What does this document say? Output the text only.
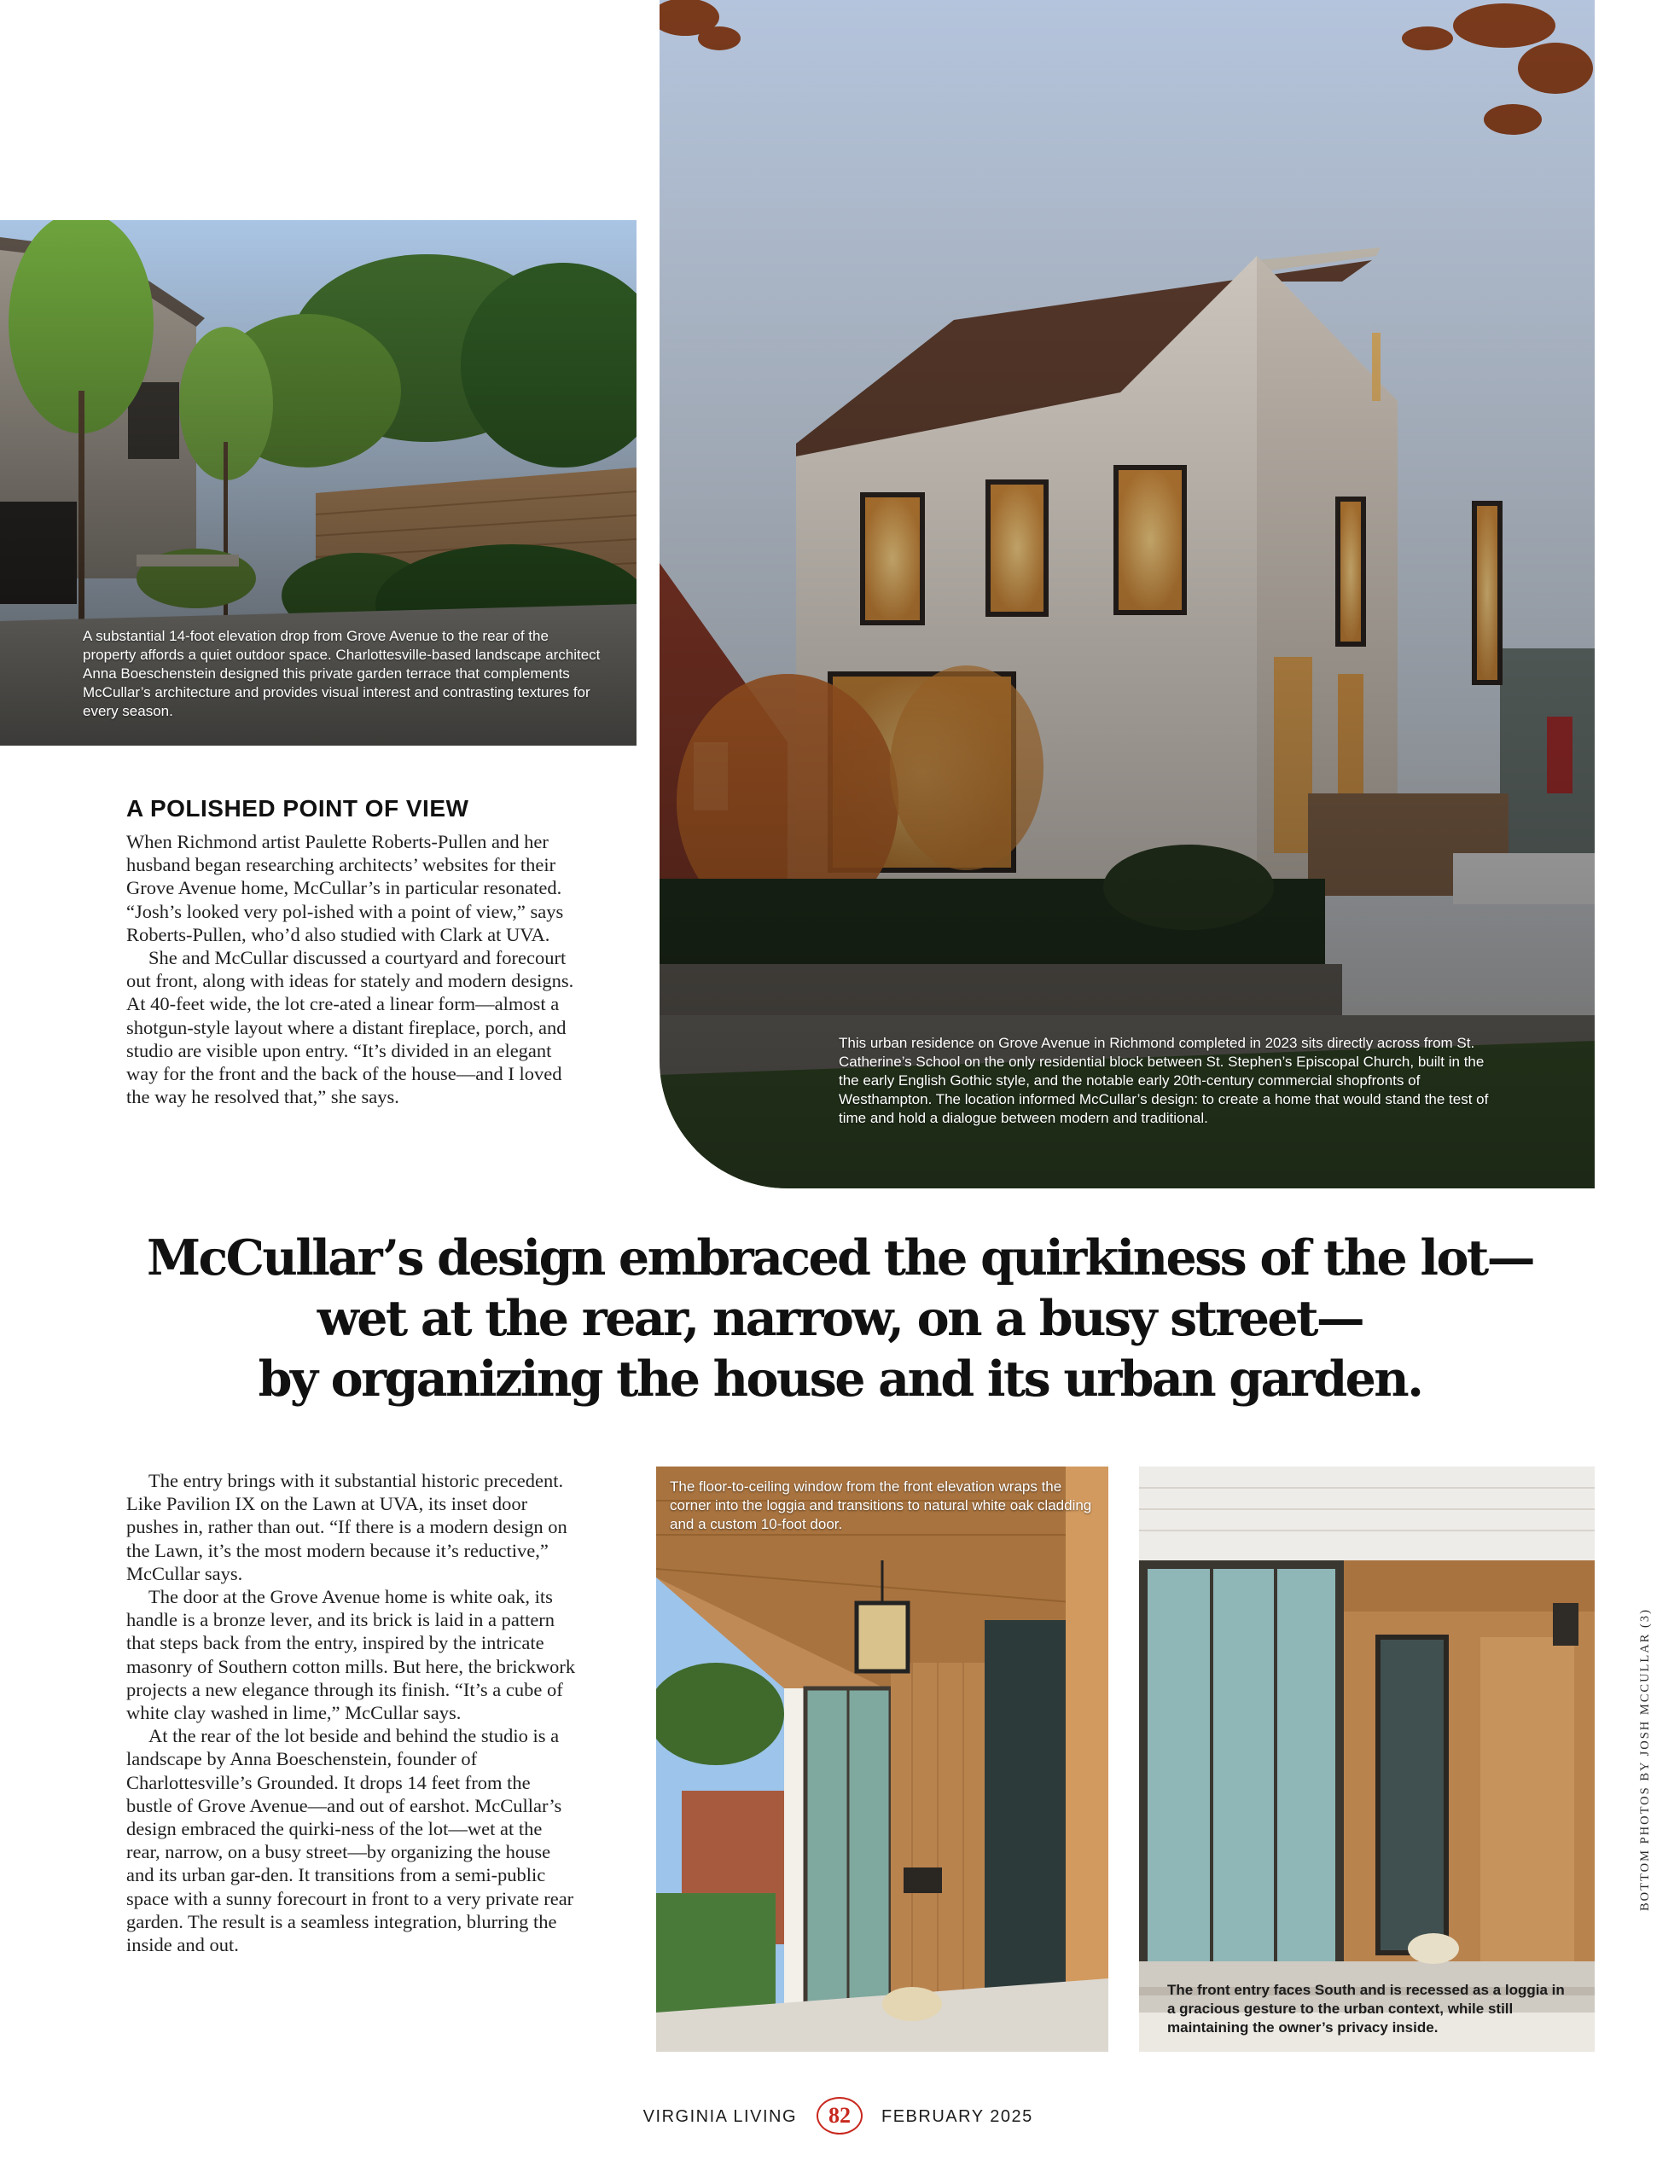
A substantial 14-foot elevation drop from Grove Avenue to the rear of the property affords a quiet outdoor space. Charlottesville-based landscape architect Anna Boeschenstein designed this private garden terrace that complements McCullar’s architecture and provides visual interest and contrasting textures for every season.
This urban residence on Grove Avenue in Richmond completed in 2023 sits directly across from St. Catherine’s School on the only residential block between St. Stephen’s Episcopal Church, built in the the early English Gothic style, and the notable early 20th-century commercial shopfronts of Westhampton. The location informed McCullar’s design: to create a home that would stand the test of time and hold a dialogue between modern and traditional.
A POLISHED POINT OF VIEW

When Richmond artist Paulette Roberts-Pullen and her husband began researching architects’ websites for their Grove Avenue home, McCullar’s in particular resonated. “Josh’s looked very pol-ished with a point of view,” says Roberts-Pullen, who’d also studied with Clark at UVA.

She and McCullar discussed a courtyard and forecourt out front, along with ideas for stately and modern designs. At 40-feet wide, the lot cre-ated a linear form—almost a shotgun-style layout where a distant fireplace, porch, and studio are visible upon entry. “It’s divided in an elegant way for the front and the back of the house—and I loved the way he resolved that,” she says.

McCullar’s design embraced the quirkiness of the lot—
wet at the rear, narrow, on a busy street—
by organizing the house and its urban garden.

The entry brings with it substantial historic precedent. Like Pavilion IX on the Lawn at UVA, its inset door pushes in, rather than out. “If there is a modern design on the Lawn, it’s the most modern because it’s reductive,” McCullar says.

The door at the Grove Avenue home is white oak, its handle is a bronze lever, and its brick is laid in a pattern that steps back from the entry, inspired by the intricate masonry of Southern cotton mills. But here, the brickwork projects a new elegance through its finish. “It’s a cube of white clay washed in lime,” McCullar says.

At the rear of the lot beside and behind the studio is a landscape by Anna Boeschenstein, founder of Charlottesville’s Grounded. It drops 14 feet from the bustle of Grove Avenue—and out of earshot. McCullar’s design embraced the quirki-ness of the lot—wet at the rear, narrow, on a busy street—by organizing the house and its urban gar-den. It transitions from a semi-public space with a sunny forecourt in front to a very private rear garden. The result is a seamless integration, blurring the inside and out.

The floor-to-ceiling window from the front elevation wraps the corner into the loggia and transitions to natural white oak cladding and a custom 10-foot door.
The front entry faces South and is recessed as a loggia in a gracious gesture to the urban context, while still maintaining the owner’s privacy inside.
BOTTOM PHOTOS BY JOSH MCCULLAR (3)
VIRGINIA LIVING	82	FEBRUARY 2025
